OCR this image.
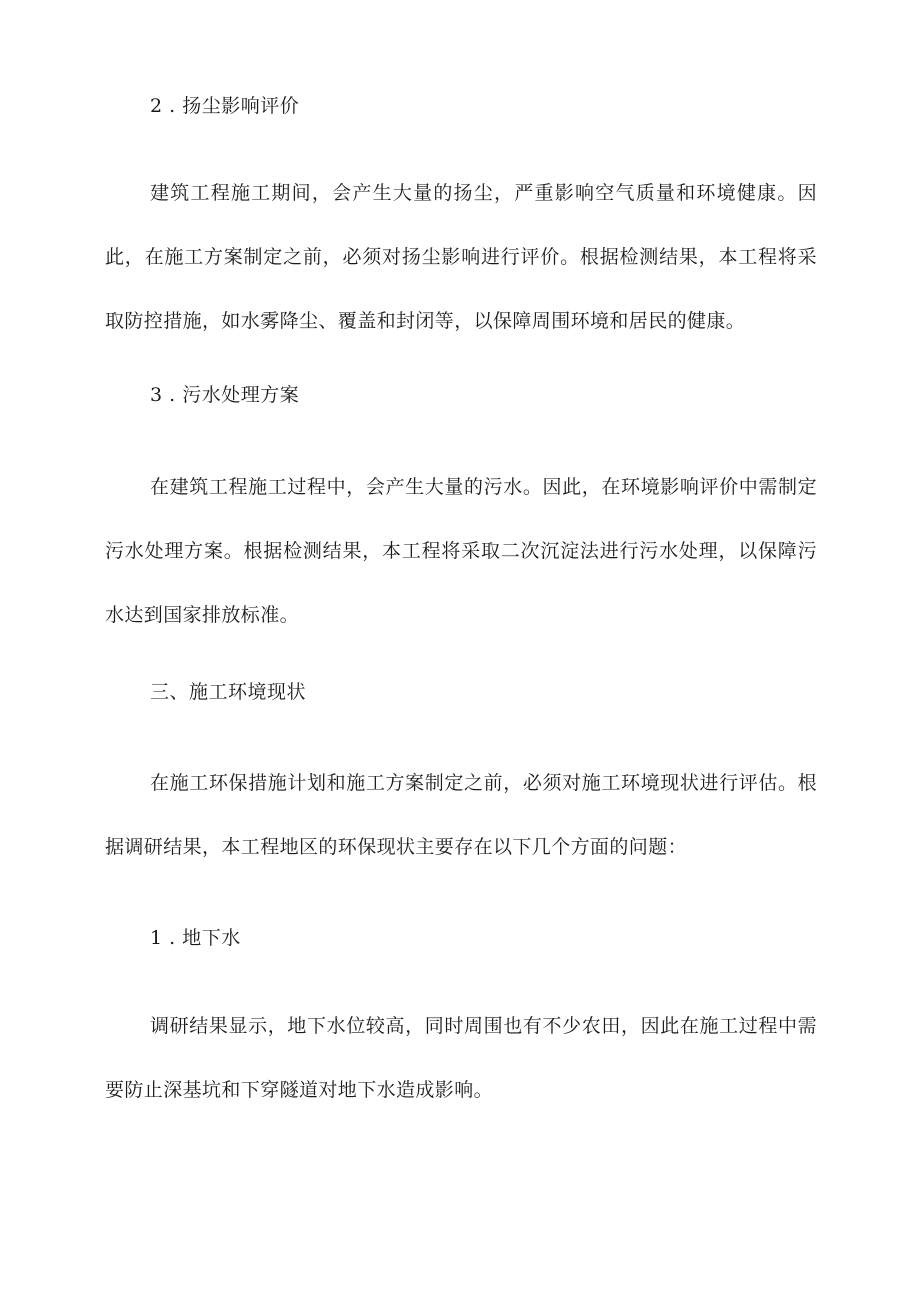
2 . 扬尘影响评价

建筑工程施工期间，会产生大量的扬尘，严重影响空气质量和环境健康。因此，在施工方案制定之前，必须对扬尘影响进行评价。根据检测结果，本工程将采取防控措施，如水雾降尘、覆盖和封闭等，以保障周围环境和居民的健康。

3 . 污水处理方案

在建筑工程施工过程中，会产生大量的污水。因此，在环境影响评价中需制定污水处理方案。根据检测结果，本工程将采取二次沉淀法进行污水处理，以保障污水达到国家排放标准。

三、施工环境现状

在施工环保措施计划和施工方案制定之前，必须对施工环境现状进行评估。根据调研结果，本工程地区的环保现状主要存在以下几个方面的问题：

1 . 地下水

调研结果显示，地下水位较高，同时周围也有不少农田，因此在施工过程中需要防止深基坑和下穿隧道对地下水造成影响。
